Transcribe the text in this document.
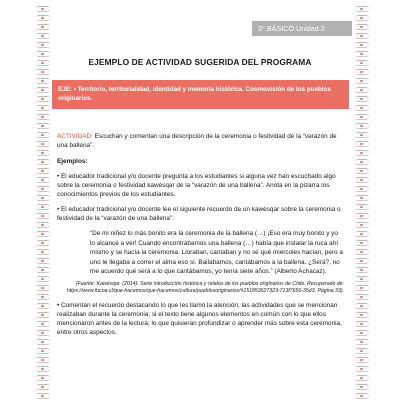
3° BÁSICO Unidad 2
EJEMPLO DE ACTIVIDAD SUGERIDA DEL PROGRAMA
EJE: • Territorio, territorialidad, identidad y memoria histórica. Cosmovisión de los pueblos originarios.

ACTIVIDAD: Escuchan y comentan una descripción de la ceremonia o festividad de la “varazón de una ballena”.

Ejemplos:

• El educador tradicional y/o docente pregunta a los estudiantes si alguna vez han escuchado algo sobre la ceremonia o festividad kawésqar de la “varazón de una ballena”. Anota en la pizarra los conocimientos previos de los estudiantes.

• El educador tradicional y/o docente lee el siguiente recuerdo de un kawésqar sobre la ceremonia o festividad de la “varazón de una ballena”:

“De mi niñez lo más bonito era la ceremonia de la ballena (…) ¡Eso era muy bonito y yo lo alcancé a ver! Cuando encontrábamos una ballena (…) había que instalar la ruca ahí mismo y se hacía la ceremonia. Lloraban, cantaban y no sé qué miércoles hacían, pero a uno le llegaba a correr el alma eso sí. Bailábamos, cantábamos a la ballena. ¿Será?, no me acuerdo qué será a lo que cantábamos; yo tenía siete años.” (Alberto Achacaz).

(Fuente: Kawésqar. (2014). Serie introducción histórica y relatos de los pueblos originarios de Chile. Recuperado de: https://www.fucoa.cl/que-hacemos/que-hacemos/cultura/pueblosoriginarios/#151853627323-713f7656-35d3. Página 33).

• Comentan el recuerdo destacando lo que les llamó la atención; las actividades que se mencionan realizaban durante la ceremonia; si el texto tiene algunos elementos en común con lo que ellos mencionaron antes de la lectura; lo que quisieran profundizar o aprender más sobre esta ceremonia, entre otros aspectos.
